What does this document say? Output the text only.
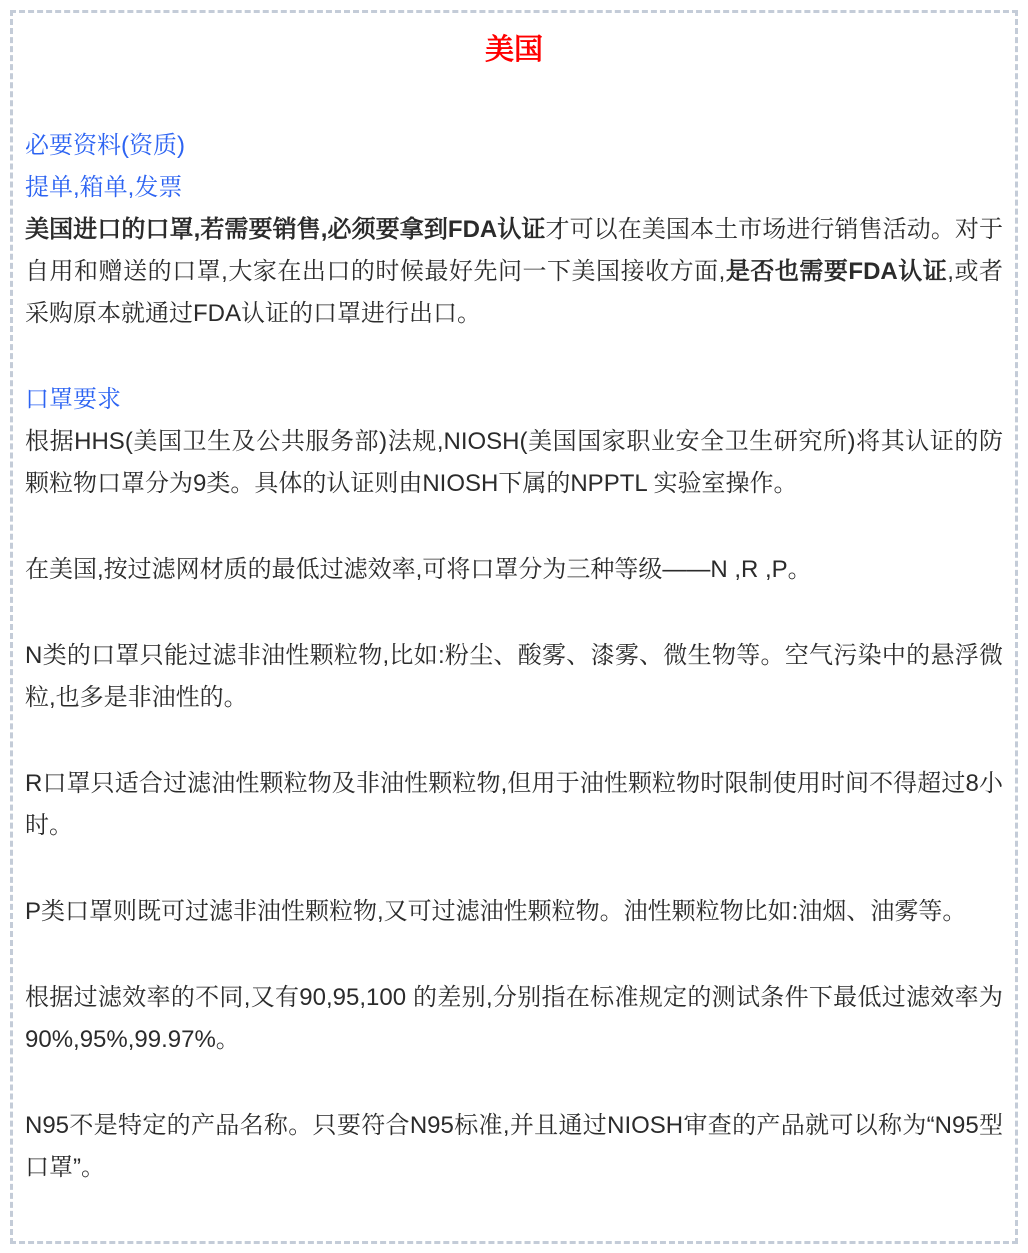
美国

必要资料(资质)

提单,箱单,发票

美国进口的口罩,若需要销售,必须要拿到FDA认证才可以在美国本土市场进行销售活动。对于自用和赠送的口罩,大家在出口的时候最好先问一下美国接收方面,是否也需要FDA认证,或者采购原本就通过FDA认证的口罩进行出口。

口罩要求

根据HHS(美国卫生及公共服务部)法规,NIOSH(美国国家职业安全卫生研究所)将其认证的防颗粒物口罩分为9类。具体的认证则由NIOSH下属的NPPTL 实验室操作。

在美国,按过滤网材质的最低过滤效率,可将口罩分为三种等级——N ,R ,P。

N类的口罩只能过滤非油性颗粒物,比如:粉尘、酸雾、漆雾、微生物等。空气污染中的悬浮微粒,也多是非油性的。

R口罩只适合过滤油性颗粒物及非油性颗粒物,但用于油性颗粒物时限制使用时间不得超过8小时。

P类口罩则既可过滤非油性颗粒物,又可过滤油性颗粒物。油性颗粒物比如:油烟、油雾等。

根据过滤效率的不同,又有90,95,100 的差别,分别指在标准规定的测试条件下最低过滤效率为90%,95%,99.97%。

N95不是特定的产品名称。只要符合N95标准,并且通过NIOSH审查的产品就可以称为“N95型口罩”。
